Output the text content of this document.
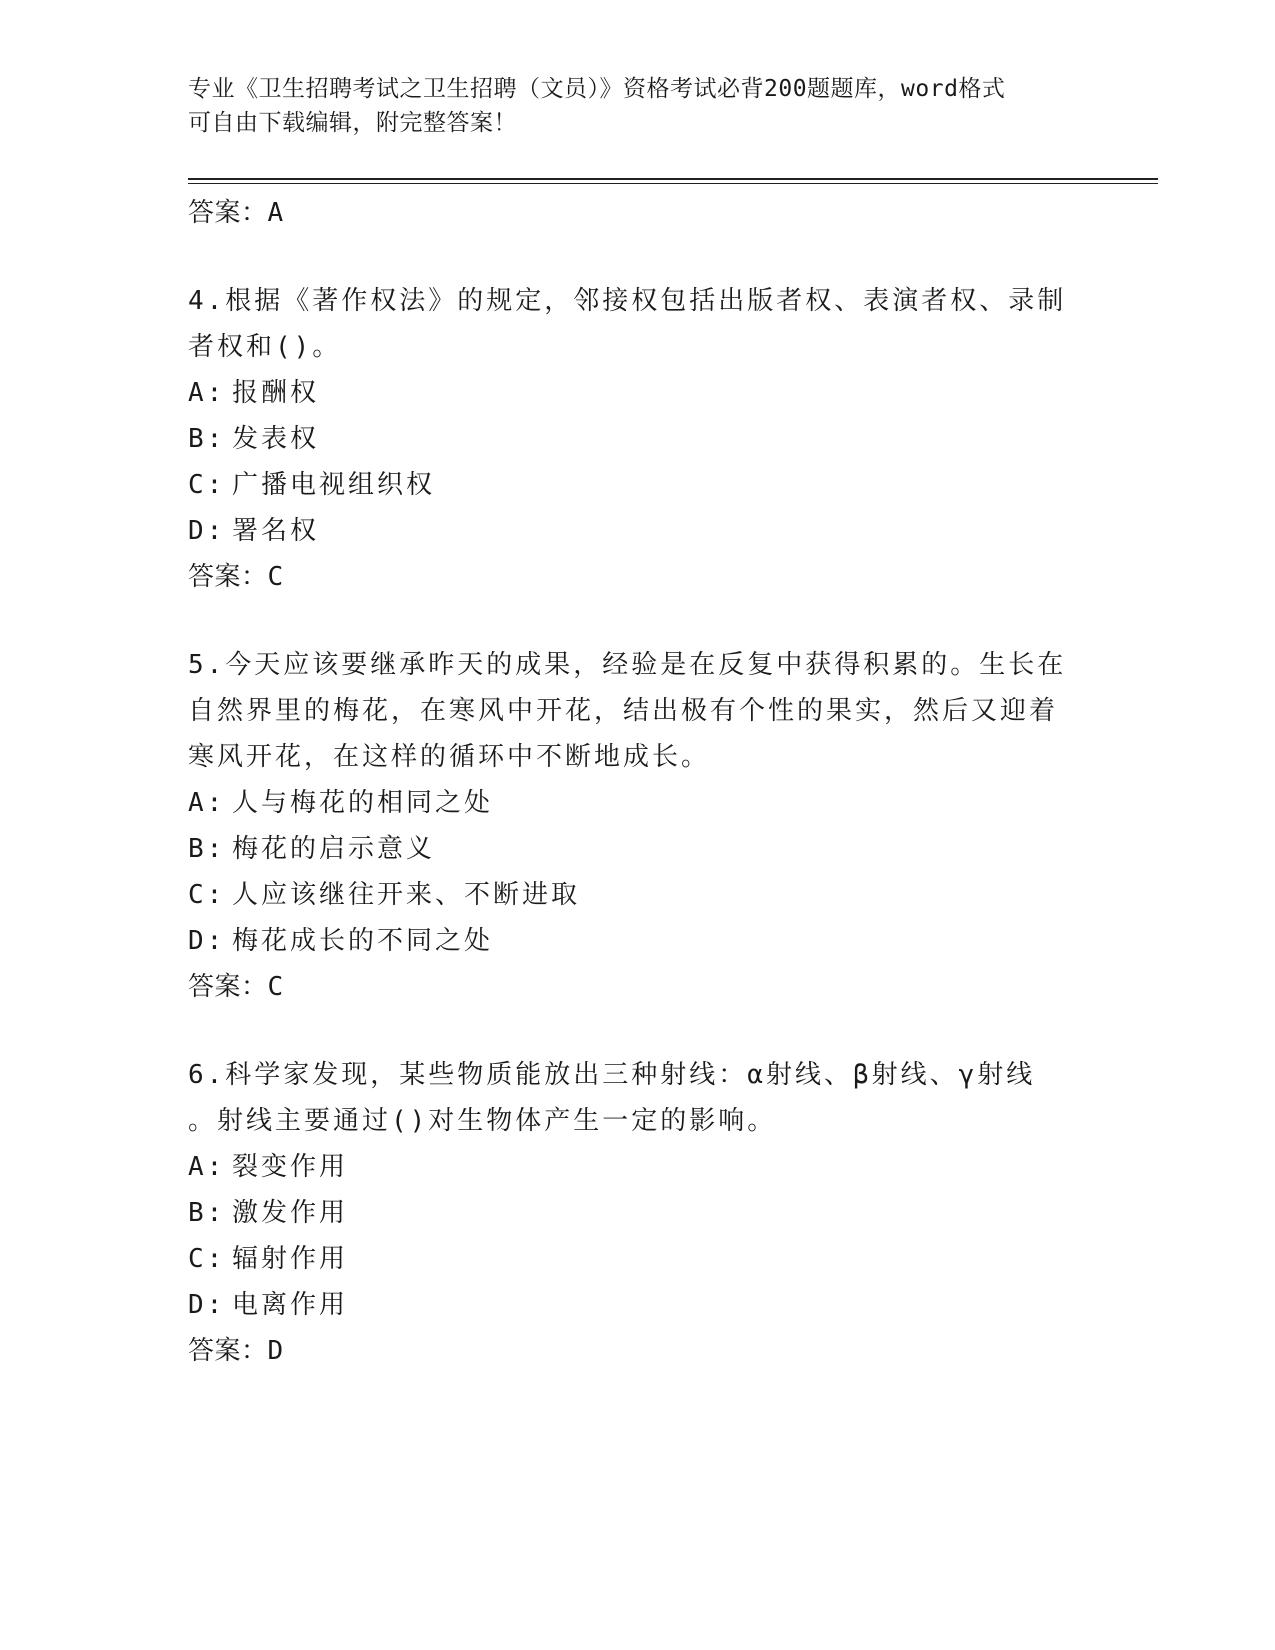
专业《卫生招聘考试之卫生招聘（文员）》资格考试必背200题题库，word格式
可自由下载编辑，附完整答案！

答案：A

4.根据《著作权法》的规定，邻接权包括出版者权、表演者权、录制

者权和()。

A: 报酬权

B: 发表权

C: 广播电视组织权

D: 署名权

答案：C

5.今天应该要继承昨天的成果，经验是在反复中获得积累的。生长在

自然界里的梅花，在寒风中开花，结出极有个性的果实，然后又迎着

寒风开花，在这样的循环中不断地成长。

A: 人与梅花的相同之处

B: 梅花的启示意义

C: 人应该继往开来、不断进取

D: 梅花成长的不同之处

答案：C

6.科学家发现，某些物质能放出三种射线：α射线、β射线、γ射线

。射线主要通过()对生物体产生一定的影响。

A: 裂变作用

B: 激发作用

C: 辐射作用

D: 电离作用

答案：D
